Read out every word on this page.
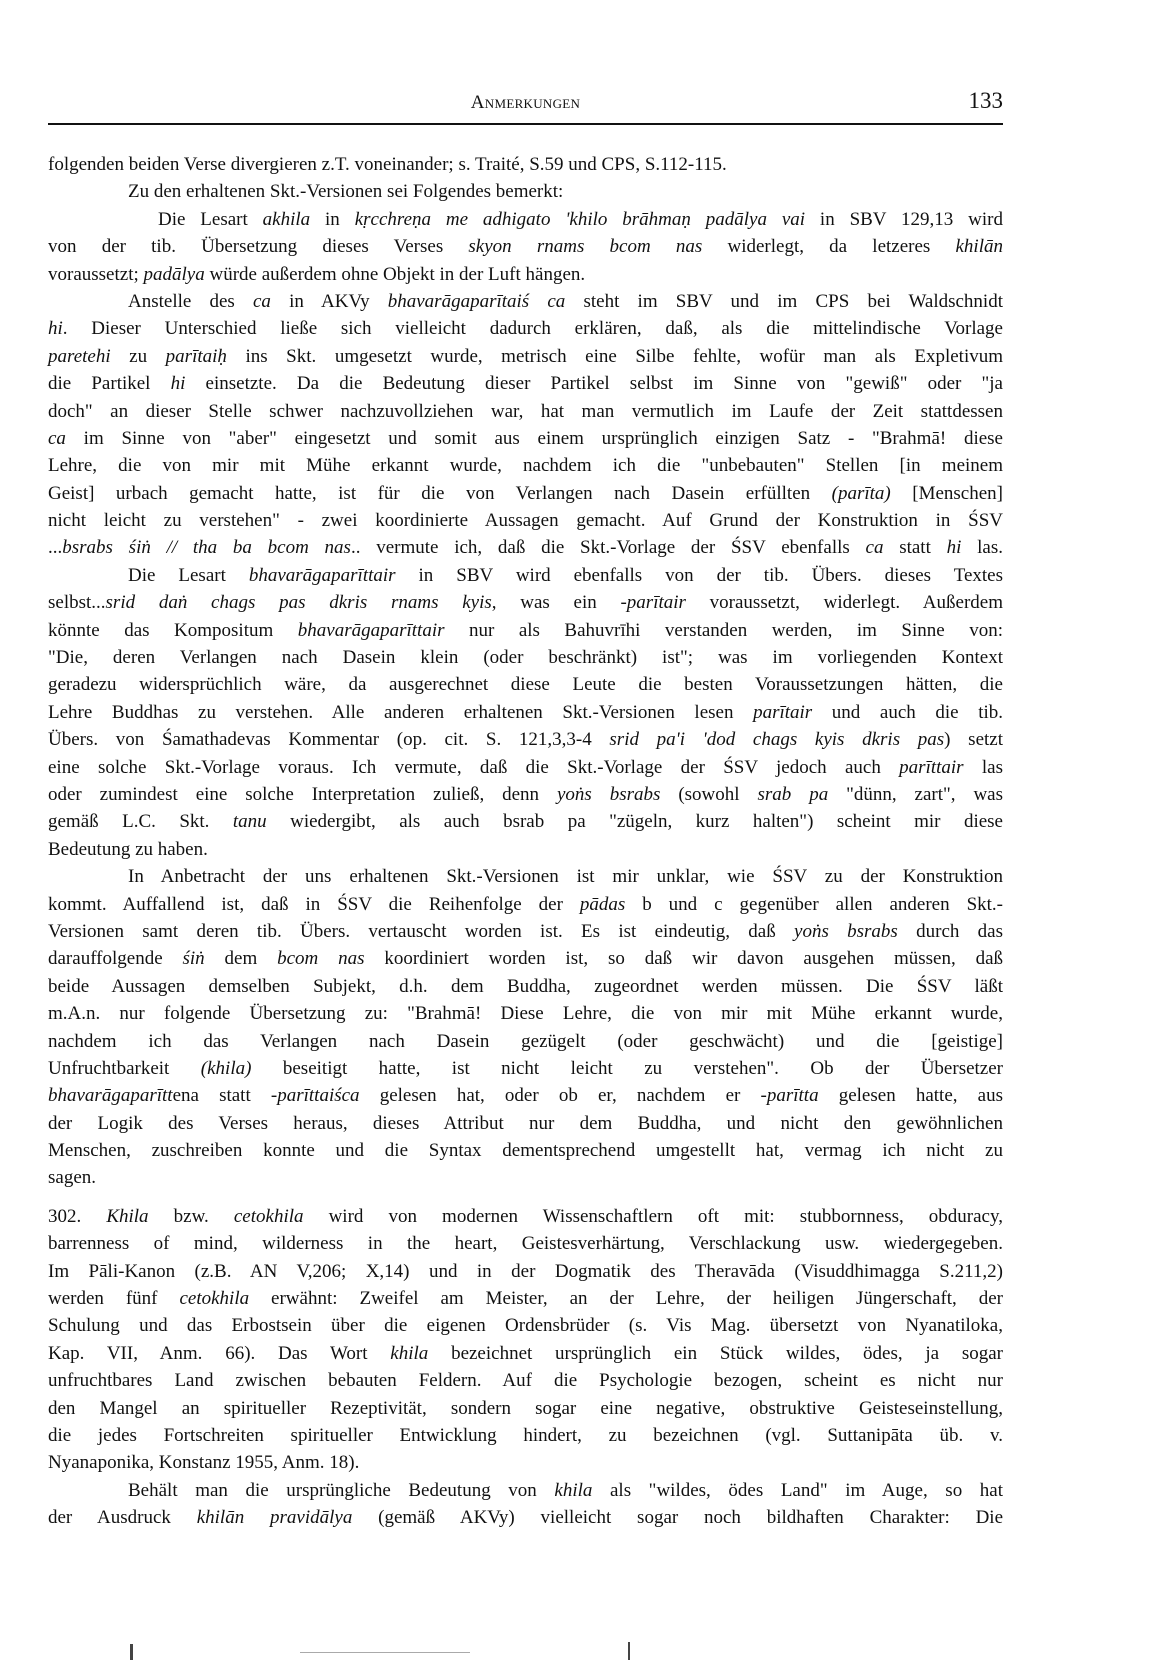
Anmerkungen	133
folgenden beiden Verse divergieren z.T. voneinander; s. Traité, S.59 und CPS, S.112-115.
Zu den erhaltenen Skt.-Versionen sei Folgendes bemerkt:
Die Lesart akhila in kṛcchreṇa me adhigato 'khilo brāhmaṇ padālya vai in SBV 129,13 wird
von der tib. Übersetzung dieses Verses skyon rnams bcom nas widerlegt, da letzeres khilān
voraussetzt; padālya würde außerdem ohne Objekt in der Luft hängen.
Anstelle des ca in AKVy bhavarāgaparītaiś ca steht im SBV und im CPS bei Waldschnidt
hi. Dieser Unterschied ließe sich vielleicht dadurch erklären, daß, als die mittelindische Vorlage
paretehi zu parītaiḥ ins Skt. umgesetzt wurde, metrisch eine Silbe fehlte, wofür man als Expletivum
die Partikel hi einsetzte. Da die Bedeutung dieser Partikel selbst im Sinne von "gewiß" oder "ja
doch" an dieser Stelle schwer nachzuvollziehen war, hat man vermutlich im Laufe der Zeit stattdessen
ca im Sinne von "aber" eingesetzt und somit aus einem ursprünglich einzigen Satz - "Brahmā! diese
Lehre, die von mir mit Mühe erkannt wurde, nachdem ich die "unbebauten" Stellen [in meinem
Geist] urbach gemacht hatte, ist für die von Verlangen nach Dasein erfüllten (parīta) [Menschen]
nicht leicht zu verstehen" - zwei koordinierte Aussagen gemacht. Auf Grund der Konstruktion in ŚSV
...bsrabs śiṅ // tha ba bcom nas.. vermute ich, daß die Skt.-Vorlage der ŚSV ebenfalls ca statt hi las.
Die Lesart bhavarāgaparīttair in SBV wird ebenfalls von der tib. Übers. dieses Textes
selbst...srid daṅ chags pas dkris rnams kyis, was ein -parītair voraussetzt, widerlegt. Außerdem
könnte das Kompositum bhavarāgaparīttair nur als Bahuvrīhi verstanden werden, im Sinne von:
"Die, deren Verlangen nach Dasein klein (oder beschränkt) ist"; was im vorliegenden Kontext
geradezu widersprüchlich wäre, da ausgerechnet diese Leute die besten Voraussetzungen hätten, die
Lehre Buddhas zu verstehen. Alle anderen erhaltenen Skt.-Versionen lesen parītair und auch die tib.
Übers. von Śamathadevas Kommentar (op. cit. S. 121,3,3-4 srid pa'i 'dod chags kyis dkris pas) setzt
eine solche Skt.-Vorlage voraus. Ich vermute, daß die Skt.-Vorlage der ŚSV jedoch auch parīttair las
oder zumindest eine solche Interpretation zuließ, denn yoṅs bsrabs (sowohl srab pa "dünn, zart", was
gemäß L.C. Skt. tanu wiedergibt, als auch bsrab pa "zügeln, kurz halten") scheint mir diese
Bedeutung zu haben.
In Anbetracht der uns erhaltenen Skt.-Versionen ist mir unklar, wie ŚSV zu der Konstruktion
kommt. Auffallend ist, daß in ŚSV die Reihenfolge der pādas b und c gegenüber allen anderen Skt.-
Versionen samt deren tib. Übers. vertauscht worden ist. Es ist eindeutig, daß yoṅs bsrabs durch das
darauffolgende śiṅ dem bcom nas koordiniert worden ist, so daß wir davon ausgehen müssen, daß
beide Aussagen demselben Subjekt, d.h. dem Buddha, zugeordnet werden müssen. Die ŚSV läßt
m.A.n. nur folgende Übersetzung zu: "Brahmā! Diese Lehre, die von mir mit Mühe erkannt wurde,
nachdem ich das Verlangen nach Dasein gezügelt (oder geschwächt) und die [geistige]
Unfruchtbarkeit (khila) beseitigt hatte, ist nicht leicht zu verstehen". Ob der Übersetzer
bhavarāgaparīttena statt -parīttaiśca gelesen hat, oder ob er, nachdem er -parītta gelesen hatte, aus
der Logik des Verses heraus, dieses Attribut nur dem Buddha, und nicht den gewöhnlichen
Menschen, zuschreiben konnte und die Syntax dementsprechend umgestellt hat, vermag ich nicht zu
sagen.
302. Khila bzw. cetokhila wird von modernen Wissenschaftlern oft mit: stubbornness, obduracy,
barrenness of mind, wilderness in the heart, Geistesverhärtung, Verschlackung usw. wiedergegeben.
Im Pāli-Kanon (z.B. AN V,206; X,14) und in der Dogmatik des Theravāda (Visuddhimagga S.211,2)
werden fünf cetokhila erwähnt: Zweifel am Meister, an der Lehre, der heiligen Jüngerschaft, der
Schulung und das Erbostsein über die eigenen Ordensbrüder (s. Vis Mag. übersetzt von Nyanatiloka,
Kap. VII, Anm. 66). Das Wort khila bezeichnet ursprünglich ein Stück wildes, ödes, ja sogar
unfruchtbares Land zwischen bebauten Feldern. Auf die Psychologie bezogen, scheint es nicht nur
den Mangel an spiritueller Rezeptivität, sondern sogar eine negative, obstruktive Geisteseinstellung,
die jedes Fortschreiten spiritueller Entwicklung hindert, zu bezeichnen (vgl. Suttanipāta üb. v.
Nyanaponika, Konstanz 1955, Anm. 18).
Behält man die ursprüngliche Bedeutung von khila als "wildes, ödes Land" im Auge, so hat
der Ausdruck khilān pravidālya (gemäß AKVy) vielleicht sogar noch bildhaften Charakter: Die
